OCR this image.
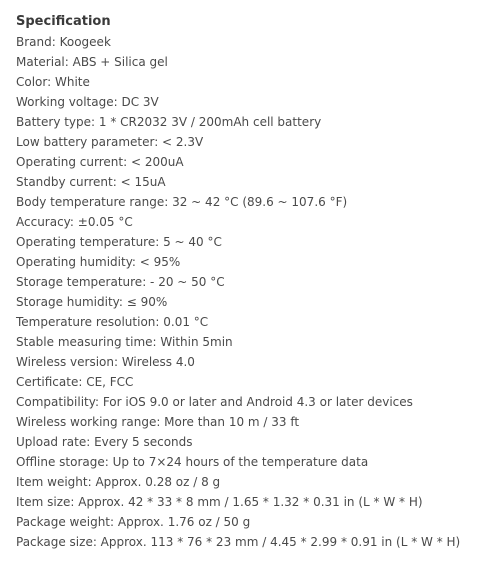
Specification
Brand: Koogeek
Material: ABS + Silica gel
Color: White
Working voltage: DC 3V
Battery type: 1 * CR2032 3V / 200mAh cell battery
Low battery parameter: < 2.3V
Operating current: < 200uA
Standby current: < 15uA
Body temperature range: 32 ~ 42 °C (89.6 ~ 107.6 °F)
Accuracy: ±0.05 °C
Operating temperature: 5 ~ 40 °C
Operating humidity: < 95%
Storage temperature: - 20 ~ 50 °C
Storage humidity: ≤ 90%
Temperature resolution: 0.01 °C
Stable measuring time: Within 5min
Wireless version: Wireless 4.0
Certificate: CE, FCC
Compatibility: For iOS 9.0 or later and Android 4.3 or later devices
Wireless working range: More than 10 m / 33 ft
Upload rate: Every 5 seconds
Offline storage: Up to 7×24 hours of the temperature data
Item weight: Approx. 0.28 oz / 8 g
Item size: Approx. 42 * 33 * 8 mm / 1.65 * 1.32 * 0.31 in (L * W * H)
Package weight: Approx. 1.76 oz / 50 g
Package size: Approx. 113 * 76 * 23 mm / 4.45 * 2.99 * 0.91 in (L * W * H)
